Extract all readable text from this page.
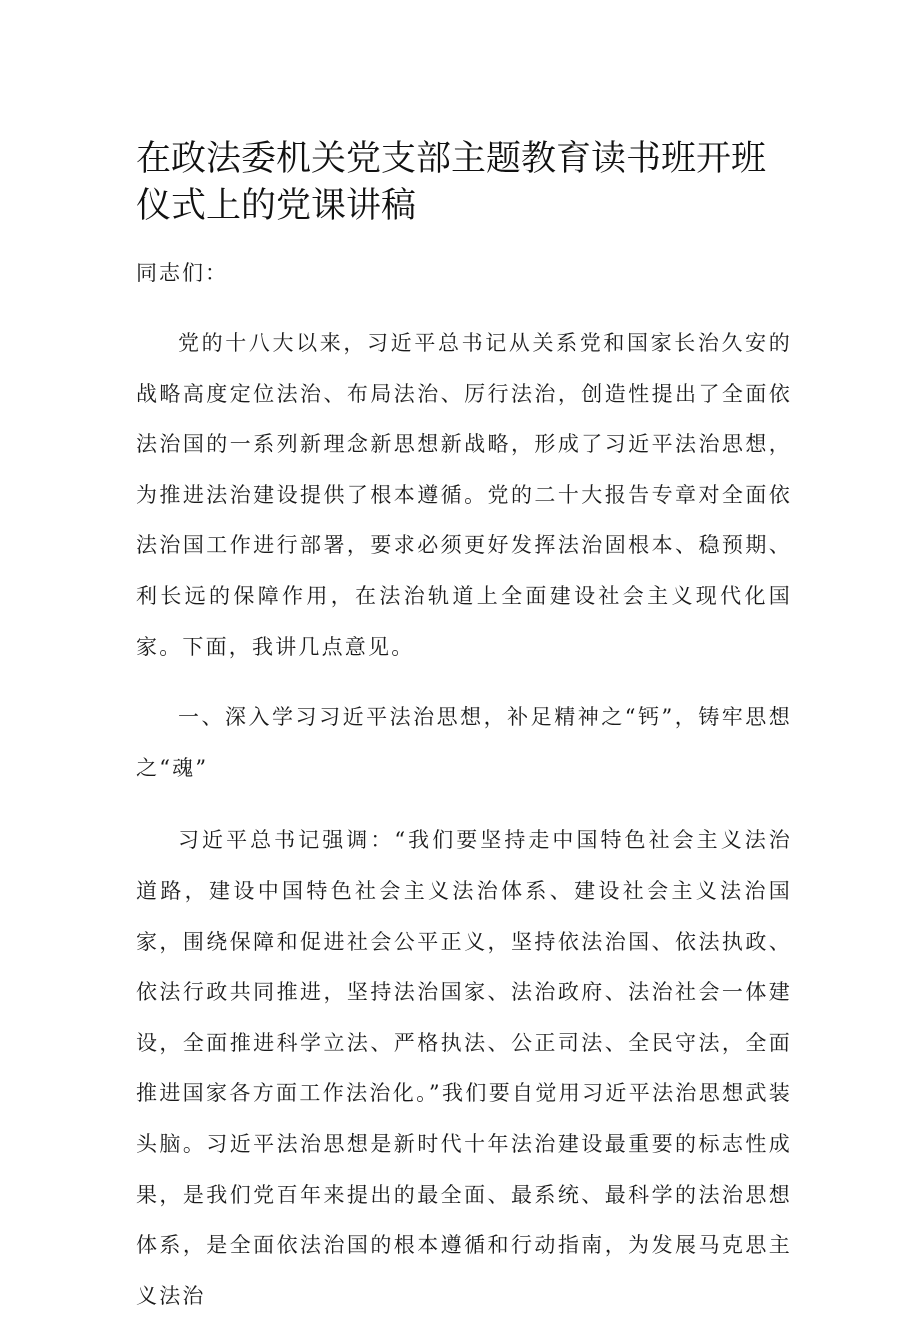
在政法委机关党支部主题教育读书班开班仪式上的党课讲稿

同志们：

党的十八大以来，习近平总书记从关系党和国家长治久安的战略高度定位法治、布局法治、厉行法治，创造性提出了全面依法治国的一系列新理念新思想新战略，形成了习近平法治思想，为推进法治建设提供了根本遵循。党的二十大报告专章对全面依法治国工作进行部署，要求必须更好发挥法治固根本、稳预期、利长远的保障作用，在法治轨道上全面建设社会主义现代化国家。下面，我讲几点意见。

一、深入学习习近平法治思想，补足精神之“钙”，铸牢思想之“魂”

习近平总书记强调：“我们要坚持走中国特色社会主义法治道路，建设中国特色社会主义法治体系、建设社会主义法治国家，围绕保障和促进社会公平正义，坚持依法治国、依法执政、依法行政共同推进，坚持法治国家、法治政府、法治社会一体建设，全面推进科学立法、严格执法、公正司法、全民守法，全面推进国家各方面工作法治化。”我们要自觉用习近平法治思想武装头脑。习近平法治思想是新时代十年法治建设最重要的标志性成果，是我们党百年来提出的最全面、最系统、最科学的法治思想体系，是全面依法治国的根本遵循和行动指南，为发展马克思主义法治
